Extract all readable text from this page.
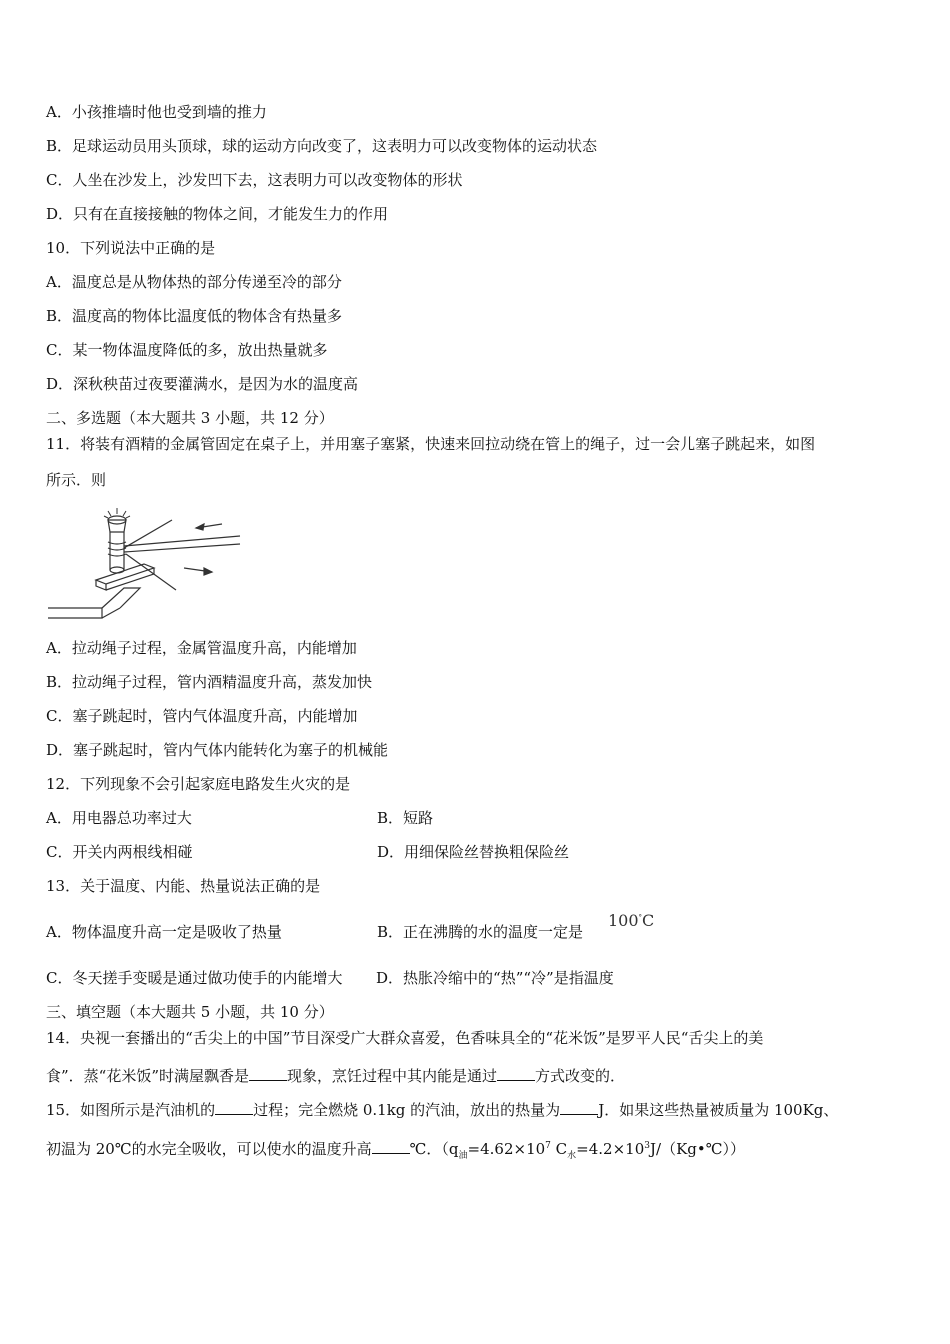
A．小孩推墙时他也受到墙的推力
B．足球运动员用头顶球，球的运动方向改变了，这表明力可以改变物体的运动状态
C．人坐在沙发上，沙发凹下去，这表明力可以改变物体的形状
D．只有在直接接触的物体之间，才能发生力的作用
10．下列说法中正确的是
A．温度总是从物体热的部分传递至冷的部分
B．温度高的物体比温度低的物体含有热量多
C．某一物体温度降低的多，放出热量就多
D．深秋秧苗过夜要灌满水，是因为水的温度高
二、多选题（本大题共 3 小题，共 12 分）
11．将装有酒精的金属管固定在桌子上，并用塞子塞紧，快速来回拉动绕在管上的绳子，过一会儿塞子跳起来，如图
所示．则
A．拉动绳子过程，金属管温度升高，内能增加
B．拉动绳子过程，管内酒精温度升高，蒸发加快
C．塞子跳起时，管内气体温度升高，内能增加
D．塞子跳起时，管内气体内能转化为塞子的机械能
12．下列现象不会引起家庭电路发生火灾的是
A．用电器总功率过大	B．短路
C．开关内两根线相碰	D．用细保险丝替换粗保险丝
13．关于温度、内能、热量说法正确的是
A．物体温度升高一定是吸收了热量	B．正在沸腾的水的温度一定是
100°C
C．冬天搓手变暖是通过做功使手的内能增大 D．热胀冷缩中的“热”“冷”是指温度
三、填空题（本大题共 5 小题，共 10 分）
14．央视一套播出的“舌尖上的中国”节目深受广大群众喜爱，色香味具全的“花米饭”是罗平人民“舌尖上的美
食”．蒸“花米饭”时满屋飘香是	现象，烹饪过程中其内能是通过	方式改变的．
15．如图所示是汽油机的	过程；完全燃烧 0.1kg 的汽油，放出的热量为	J．如果这些热量被质量为 100Kg、
初温为 20℃的水完全吸收，可以使水的温度升高	℃．（$q_油=4.62\times 10^7$ $C_水=4.2\times 10^3J/(Kg•℃)$）
